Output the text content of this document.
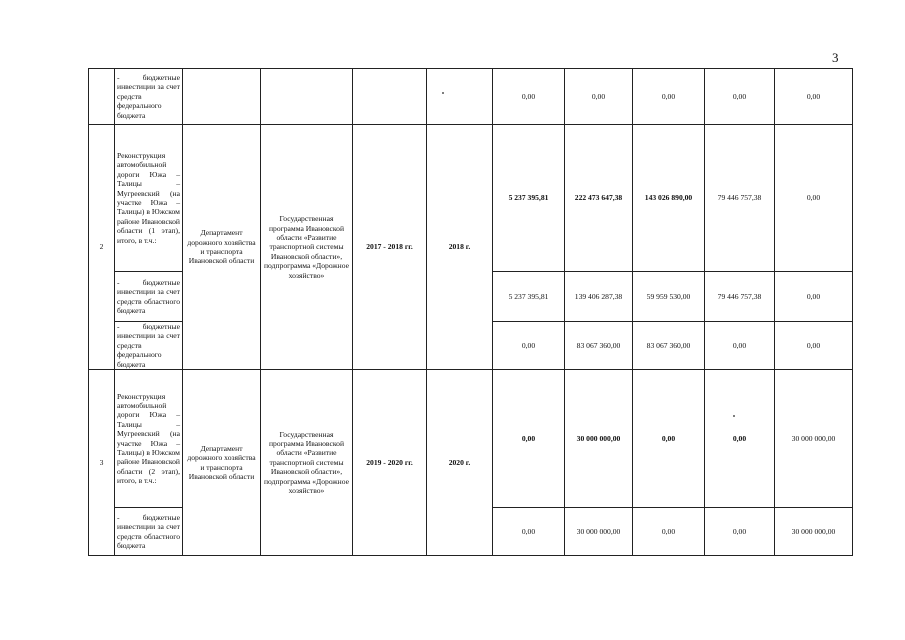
3
	- бюджетные инвестиции за счет средств федерального бюджета					0,00	0,00	0,00	0,00	0,00
2	Реконструкция автомобильной дороги Южа – Талицы – Мугреевский (на участке Южа – Талицы) в Южском районе Ивановской области (1 этап), итого, в т.ч.:	Департамент дорожного хозяйства и транспорта Ивановской области	Государственная программа Ивановской области «Развитие транспортной системы Ивановской области», подпрограмма «Дорожное хозяйство»	2017 - 2018 гг.	2018 г.	5 237 395,81	222 473 647,38	143 026 890,00	79 446 757,38	0,00
	- бюджетные инвестиции за счет средств областного бюджета					5 237 395,81	139 406 287,38	59 959 530,00	79 446 757,38	0,00
	- бюджетные инвестиции за счет средств федерального бюджета					0,00	83 067 360,00	83 067 360,00	0,00	0,00
3	Реконструкция автомобильной дороги Южа – Талицы – Мугреевский (на участке Южа – Талицы) в Южском районе Ивановской области (2 этап), итого, в т.ч.:	Департамент дорожного хозяйства и транспорта Ивановской области	Государственная программа Ивановской области «Развитие транспортной системы Ивановской области», подпрограмма «Дорожное хозяйство»	2019 - 2020 гг.	2020 г.	0,00	30 000 000,00	0,00	0,00	30 000 000,00
	- бюджетные инвестиции за счет средств областного бюджета					0,00	30 000 000,00	0,00	0,00	30 000 000,00
